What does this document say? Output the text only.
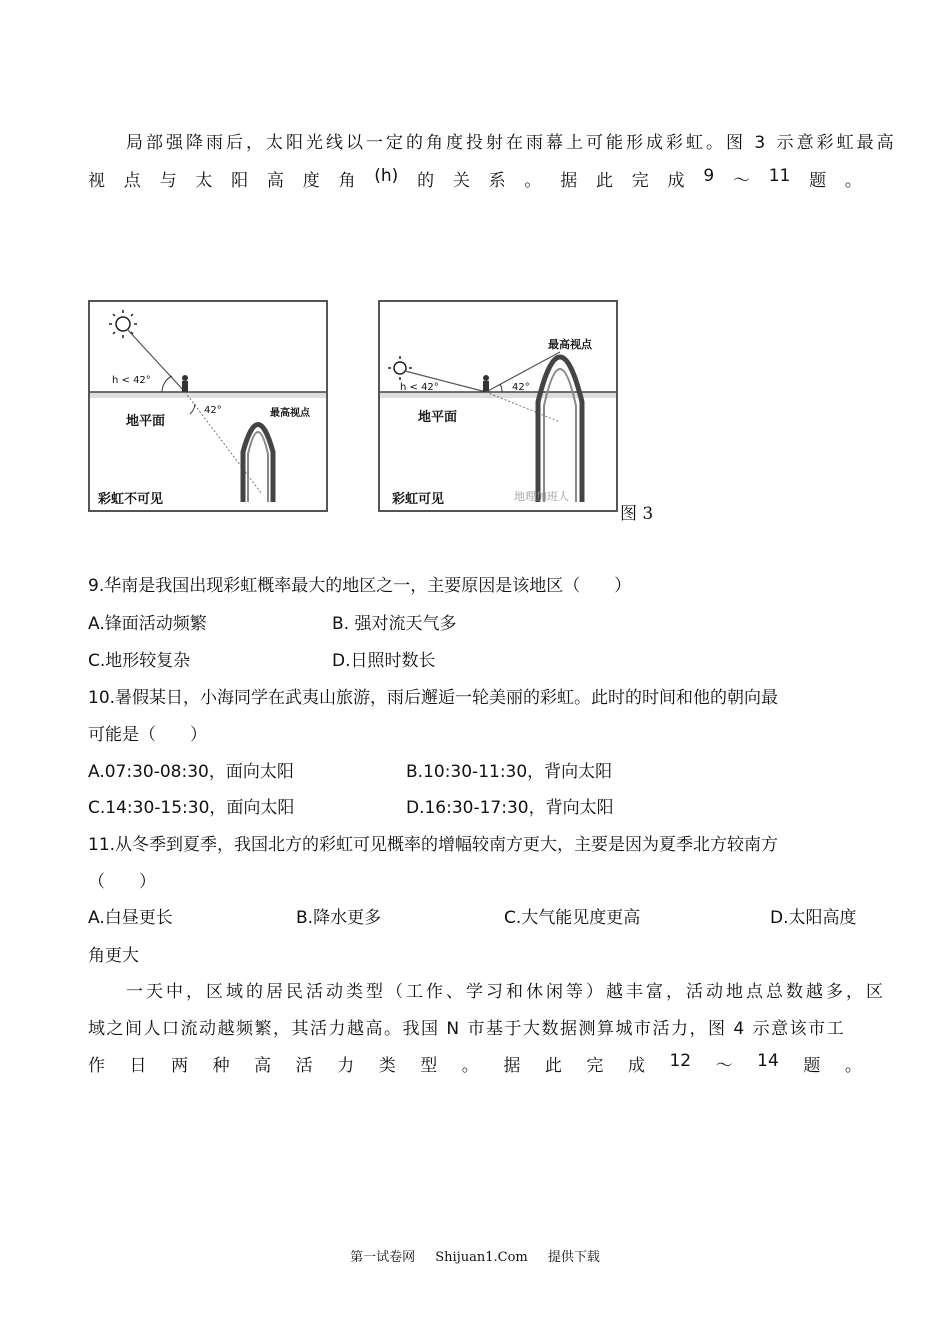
局部强降雨后，太阳光线以一定的角度投射在雨幕上可能形成彩虹。图 3 示意彩虹最高
视 点 与 太 阳 高 度 角 (h) 的 关 系 。 据 此 完 成 9 ～ 11 题 。
h < 42°
42°
地平面
最高视点
彩虹不可见
h < 42°	42°
地平面
最高视点
彩虹可见	地理加班人
图 3
9.华南是我国出现彩虹概率最大的地区之一，主要原因是该地区（　　）
A.锋面活动频繁	B. 强对流天气多
C.地形较复杂	D.日照时数长
10.暑假某日，小海同学在武夷山旅游，雨后邂逅一轮美丽的彩虹。此时的时间和他的朝向最
可能是（　　）
A.07:30-08:30，面向太阳	B.10:30-11:30，背向太阳
C.14:30-15:30，面向太阳	D.16:30-17:30，背向太阳
11.从冬季到夏季，我国北方的彩虹可见概率的增幅较南方更大，主要是因为夏季北方较南方
（　　）
A.白昼更长	B.降水更多	C.大气能见度更高	D.太阳高度
角更大
一天中，区域的居民活动类型（工作、学习和休闲等）越丰富，活动地点总数越多，区
域之间人口流动越频繁，其活力越高。我国 N 市基于大数据测算城市活力，图 4 示意该市工
作 日 两 种 高 活 力 类 型 。 据 此 完 成 12 ～ 14 题 。
第一试卷网 Shijuan1.Com 提供下载
